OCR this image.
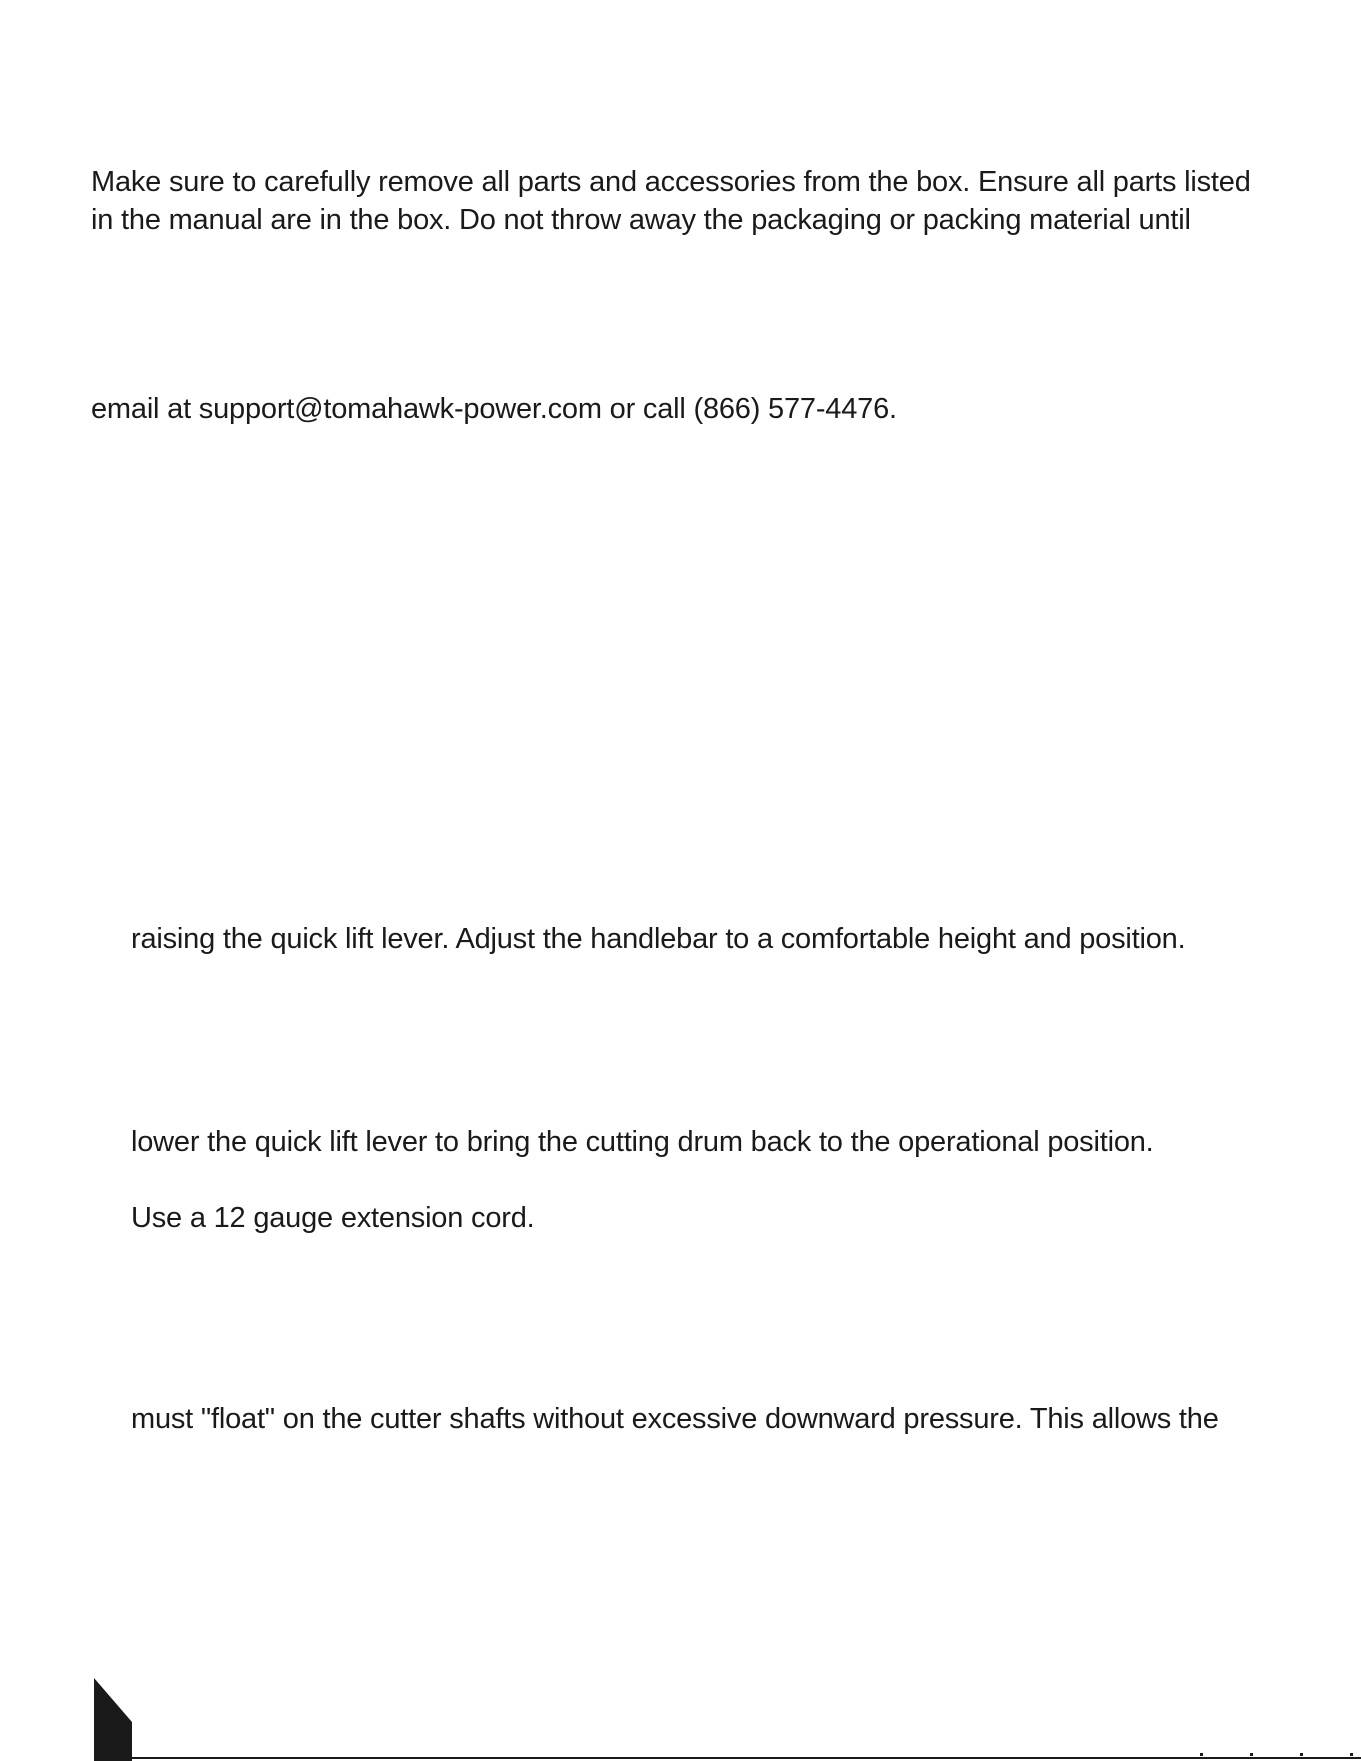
Make sure to carefully remove all parts and accessories from the box. Ensure all parts listed
in the manual are in the box. Do not throw away the packaging or packing material until
email at support@tomahawk-power.com or call (866) 577-4476.
raising the quick lift lever. Adjust the handlebar to a comfortable height and position.
lower the quick lift lever to bring the cutting drum back to the operational position.
Use a 12 gauge extension cord.
must "float" on the cutter shafts without excessive downward pressure. This allows the
